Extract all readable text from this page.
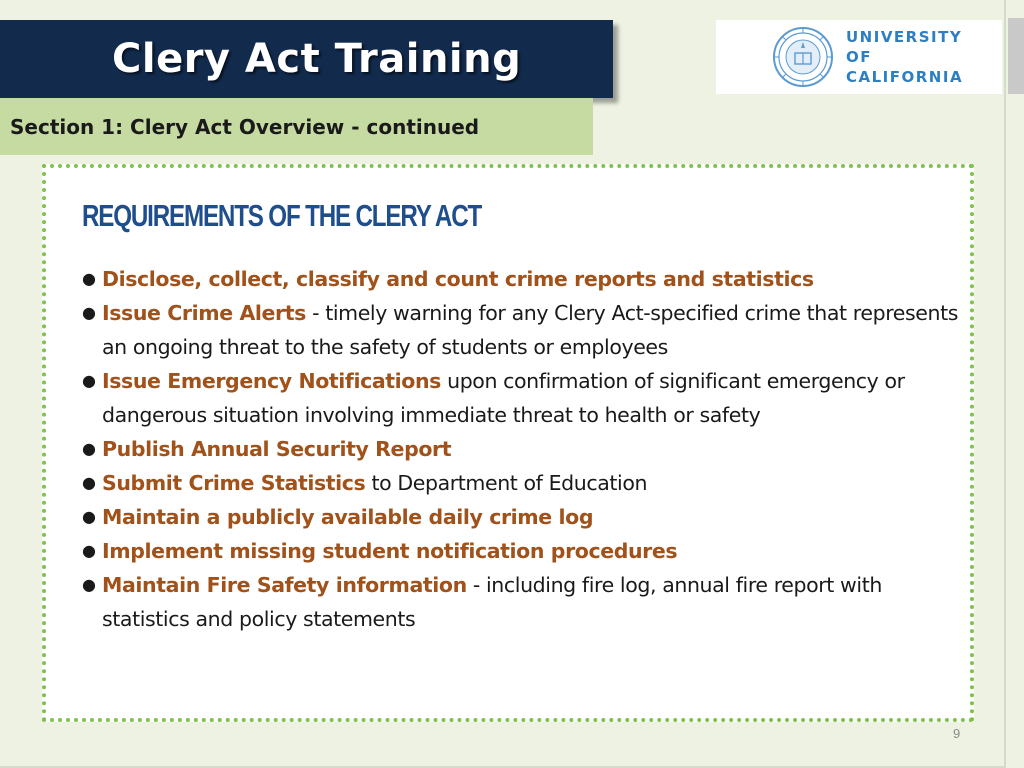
Clery Act Training
Section 1: Clery Act Overview - continued
UNIVERSITY
OF
CALIFORNIA
REQUIREMENTS OF THE CLERY ACT
● Disclose, collect, classify and count crime reports and statistics
● Issue Crime Alerts - timely warning for any Clery Act-specified crime that represents an ongoing threat to the safety of students or employees
● Issue Emergency Notifications upon confirmation of significant emergency or dangerous situation involving immediate threat to health or safety
● Publish Annual Security Report
● Submit Crime Statistics to Department of Education
● Maintain a publicly available daily crime log
● Implement missing student notification procedures
● Maintain Fire Safety information - including fire log, annual fire report with statistics and policy statements
9
